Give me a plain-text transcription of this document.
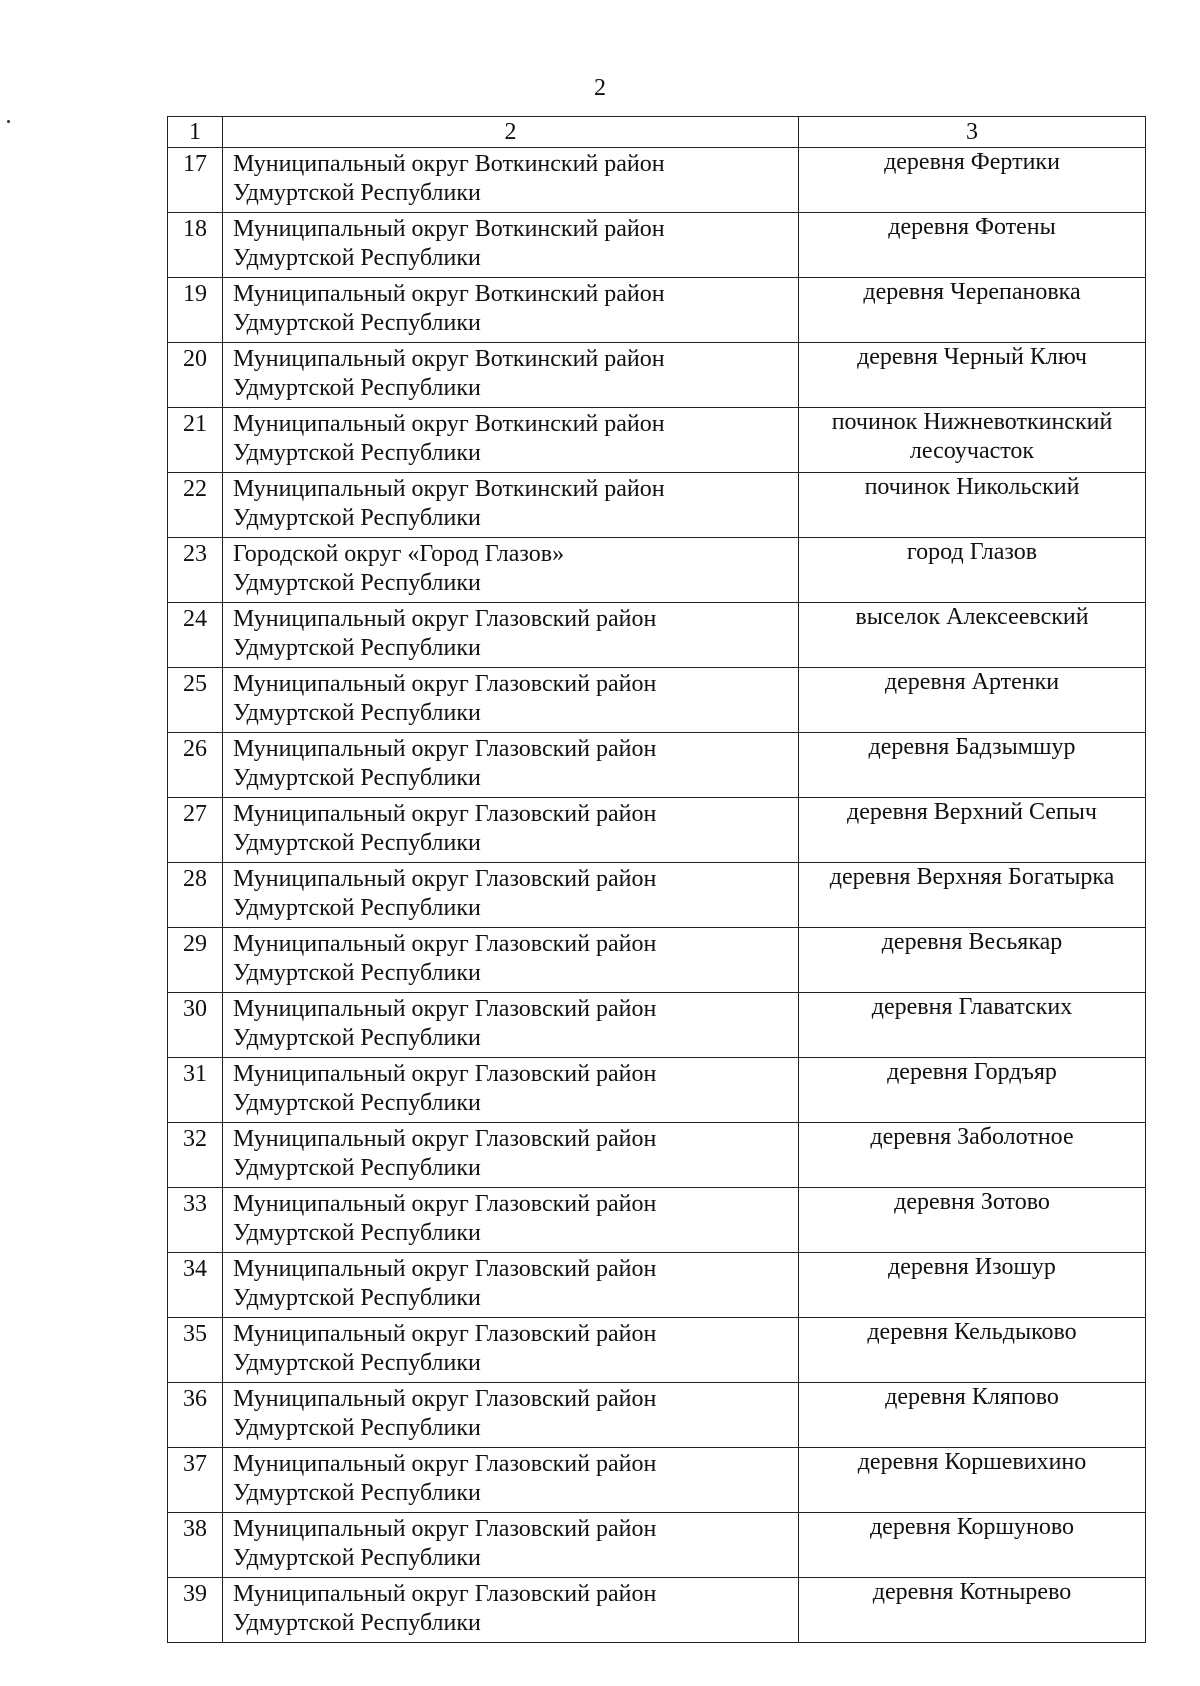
2
1	2	3
17	Муниципальный округ Воткинский район
Удмуртской Республики	деревня Фертики

18	Муниципальный округ Воткинский район
Удмуртской Республики	деревня Фотены

19	Муниципальный округ Воткинский район
Удмуртской Республики	деревня Черепановка

20	Муниципальный округ Воткинский район
Удмуртской Республики	деревня Черный Ключ

21	Муниципальный округ Воткинский район
Удмуртской Республики	починок Нижневоткинский
лесоучасток

22	Муниципальный округ Воткинский район
Удмуртской Республики	починок Никольский

23	Городской округ «Город Глазов»
Удмуртской Республики	город Глазов

24	Муниципальный округ Глазовский район
Удмуртской Республики	выселок Алексеевский

25	Муниципальный округ Глазовский район
Удмуртской Республики	деревня Артенки

26	Муниципальный округ Глазовский район
Удмуртской Республики	деревня Бадзымшур

27	Муниципальный округ Глазовский район
Удмуртской Республики	деревня Верхний Сепыч

28	Муниципальный округ Глазовский район
Удмуртской Республики	деревня Верхняя Богатырка

29	Муниципальный округ Глазовский район
Удмуртской Республики	деревня Весьякар

30	Муниципальный округ Глазовский район
Удмуртской Республики	деревня Главатских

31	Муниципальный округ Глазовский район
Удмуртской Республики	деревня Гордъяр

32	Муниципальный округ Глазовский район
Удмуртской Республики	деревня Заболотное

33	Муниципальный округ Глазовский район
Удмуртской Республики	деревня Зотово

34	Муниципальный округ Глазовский район
Удмуртской Республики	деревня Изошур

35	Муниципальный округ Глазовский район
Удмуртской Республики	деревня Кельдыково

36	Муниципальный округ Глазовский район
Удмуртской Республики	деревня Кляпово

37	Муниципальный округ Глазовский район
Удмуртской Республики	деревня Коршевихино

38	Муниципальный округ Глазовский район
Удмуртской Республики	деревня Коршуново

39	Муниципальный округ Глазовский район
Удмуртской Республики	деревня Котнырево
